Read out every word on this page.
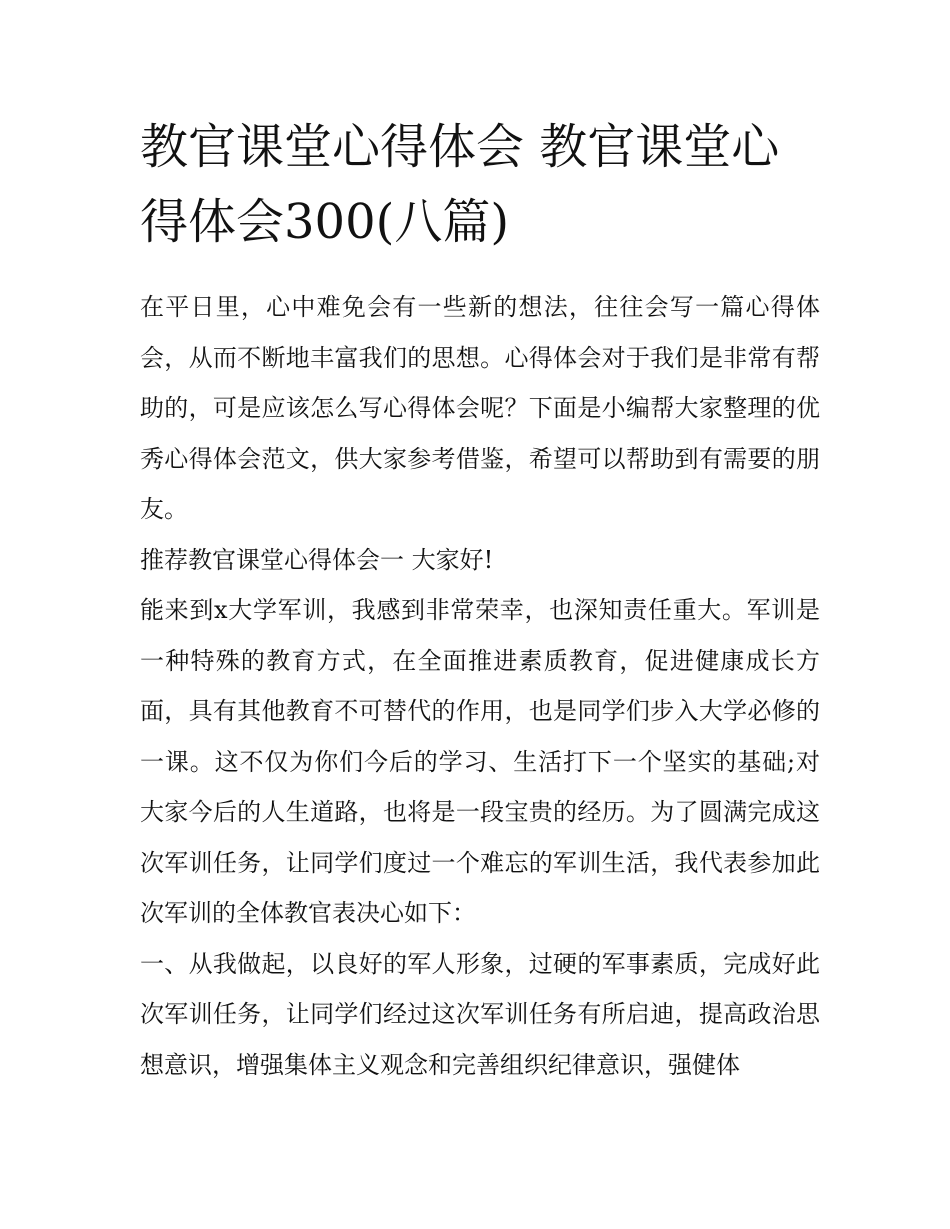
教官课堂心得体会 教官课堂心得体会300(八篇)

在平日里，心中难免会有一些新的想法，往往会写一篇心得体会，从而不断地丰富我们的思想。心得体会对于我们是非常有帮助的，可是应该怎么写心得体会呢？下面是小编帮大家整理的优秀心得体会范文，供大家参考借鉴，希望可以帮助到有需要的朋友。

推荐教官课堂心得体会一 大家好!

能来到x大学军训，我感到非常荣幸，也深知责任重大。军训是一种特殊的教育方式，在全面推进素质教育，促进健康成长方面，具有其他教育不可替代的作用，也是同学们步入大学必修的一课。这不仅为你们今后的学习、生活打下一个坚实的基础;对大家今后的人生道路，也将是一段宝贵的经历。为了圆满完成这次军训任务，让同学们度过一个难忘的军训生活，我代表参加此次军训的全体教官表决心如下：

一、从我做起，以良好的军人形象，过硬的军事素质，完成好此次军训任务，让同学们经过这次军训任务有所启迪，提高政治思想意识，增强集体主义观念和完善组织纪律意识，强健体
